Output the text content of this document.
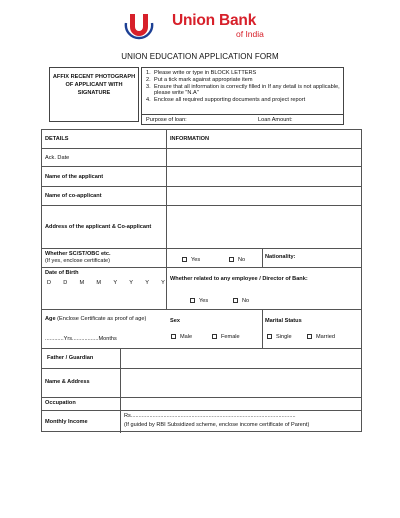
Union Bank
of India
UNION EDUCATION APPLICATION FORM
AFFIX RECENT PHOTOGRAPH OF APPLICANT WITH SIGNATURE
1. Please write or type in BLOCK LETTERS
2. Put a tick mark against appropriate item
3. Ensure that all information is correctly filled in If any detail is not applicable, please write "N.A"
4. Enclose all required supporting documents and project report
Purpose of loan:	Loan Amount:
DETAILS	INFORMATION
Ack. Date
Name of the applicant
Name of co-applicant
Address of the applicant & Co-applicant
Whether SC/ST/OBC etc.
(If yes, enclose certificate)	Yes	No	Nationality:
Date of Birth
D D M M Y Y Y Y
Whether related to any employee / Director of Bank:
Yes	No
Age (Enclose Certificate as proof of age)
............Yrs.................Months
Sex
Male	Female
Marital Status
Single	Married
Father / Guardian
Name & Address
Occupation
Monthly Income
Rs..........................................................................................................
(If guided by RBI Subsidized scheme, enclose income certificate of Parent)
